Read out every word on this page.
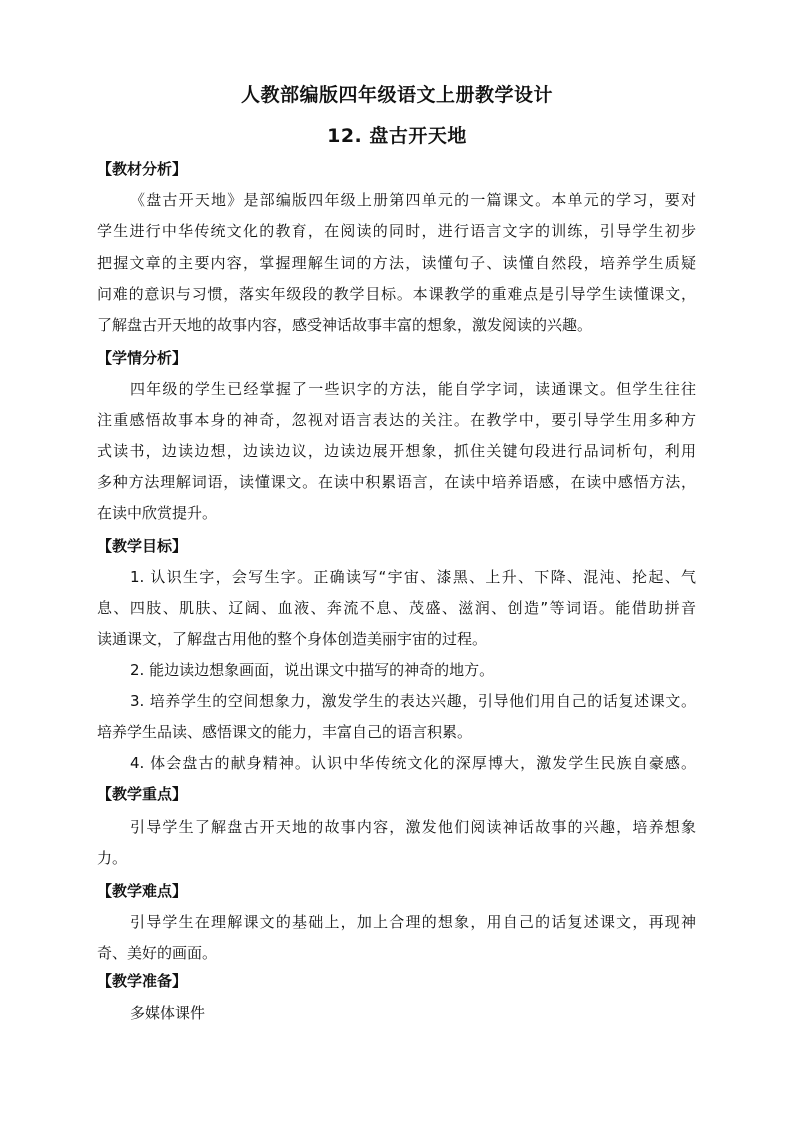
人教部编版四年级语文上册教学设计
12. 盘古开天地
【教材分析】
《盘古开天地》是部编版四年级上册第四单元的一篇课文。本单元的学习，要对
学生进行中华传统文化的教育，在阅读的同时，进行语言文字的训练，引导学生初步
把握文章的主要内容，掌握理解生词的方法，读懂句子、读懂自然段，培养学生质疑
问难的意识与习惯，落实年级段的教学目标。本课教学的重难点是引导学生读懂课文，
了解盘古开天地的故事内容，感受神话故事丰富的想象，激发阅读的兴趣。
【学情分析】
四年级的学生已经掌握了一些识字的方法，能自学字词，读通课文。但学生往往
注重感悟故事本身的神奇，忽视对语言表达的关注。在教学中，要引导学生用多种方
式读书，边读边想，边读边议，边读边展开想象，抓住关键句段进行品词析句，利用
多种方法理解词语，读懂课文。在读中积累语言，在读中培养语感，在读中感悟方法，
在读中欣赏提升。
【教学目标】
1. 认识生字，会写生字。正确读写“宇宙、漆黑、上升、下降、混沌、抡起、气
息、四肢、肌肤、辽阔、血液、奔流不息、茂盛、滋润、创造”等词语。能借助拼音
读通课文，了解盘古用他的整个身体创造美丽宇宙的过程。
2. 能边读边想象画面，说出课文中描写的神奇的地方。
3. 培养学生的空间想象力，激发学生的表达兴趣，引导他们用自己的话复述课文。
培养学生品读、感悟课文的能力，丰富自己的语言积累。
4. 体会盘古的献身精神。认识中华传统文化的深厚博大，激发学生民族自豪感。
【教学重点】
引导学生了解盘古开天地的故事内容，激发他们阅读神话故事的兴趣，培养想象
力。
【教学难点】
引导学生在理解课文的基础上，加上合理的想象，用自己的话复述课文，再现神
奇、美好的画面。
【教学准备】
多媒体课件
